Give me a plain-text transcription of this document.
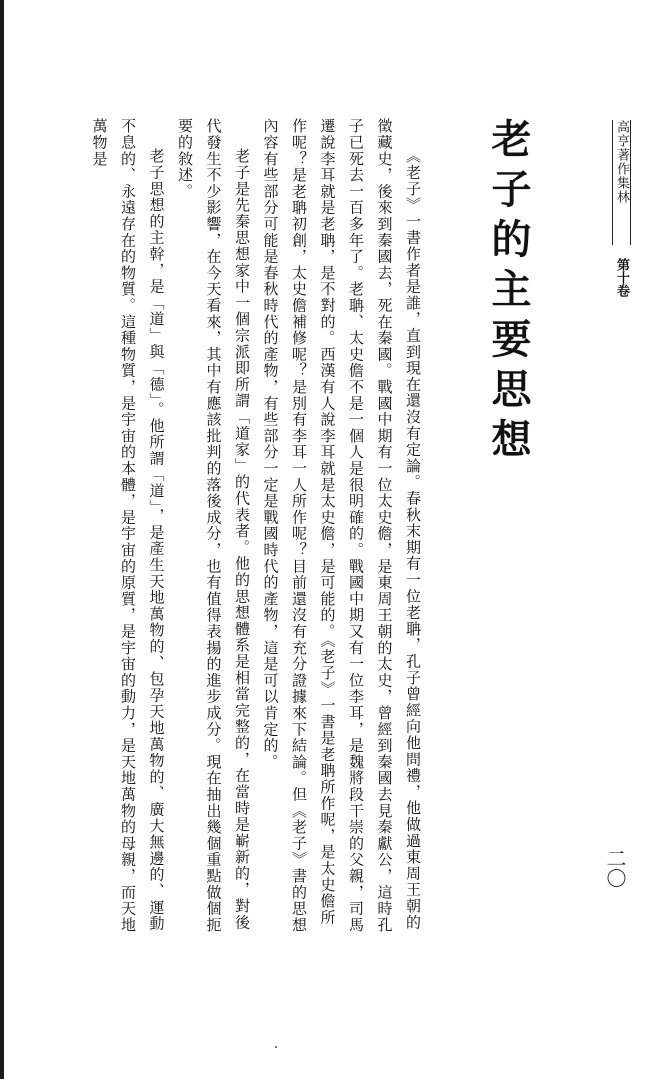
高亨著作集林
第十卷
老子的主要思想

《老子》一書作者是誰，直到現在還沒有定論。春秋末期有一位老聃，孔子曾經向他問禮，他做過東周王朝的徵藏史，後來到秦國去，死在秦國。戰國中期有一位太史儋，是東周王朝的太史，曾經到秦國去見秦獻公，這時孔子已死去一百多年了。老聃、太史儋不是一個人是很明確的。戰國中期又有一位李耳，是魏將段干崇的父親，司馬遷說李耳就是老聃，是不對的。西漢有人說李耳就是太史儋，是可能的。《老子》一書是老聃所作呢，是太史儋所作呢？是老聃初創，太史儋補修呢？是別有李耳一人所作呢？目前還沒有充分證據來下結論。但《老子》書的思想內容有些部分可能是春秋時代的產物，有些部分一定是戰國時代的產物，這是可以肯定的。

老子是先秦思想家中一個宗派即所謂「道家」的代表者。他的思想體系是相當完整的，在當時是嶄新的，對後代發生不少影響，在今天看來，其中有應該批判的落後成分，也有值得表揚的進步成分。現在抽出幾個重點做個扼要的敘述。

老子思想的主幹，是「道」與「德」。他所謂「道」，是產生天地萬物的、包孕天地萬物的、廣大無邊的、運動不息的、永遠存在的物質。這種物質，是宇宙的本體，是宇宙的原質，是宇宙的動力，是天地萬物的母親，而天地萬物是

二〇
